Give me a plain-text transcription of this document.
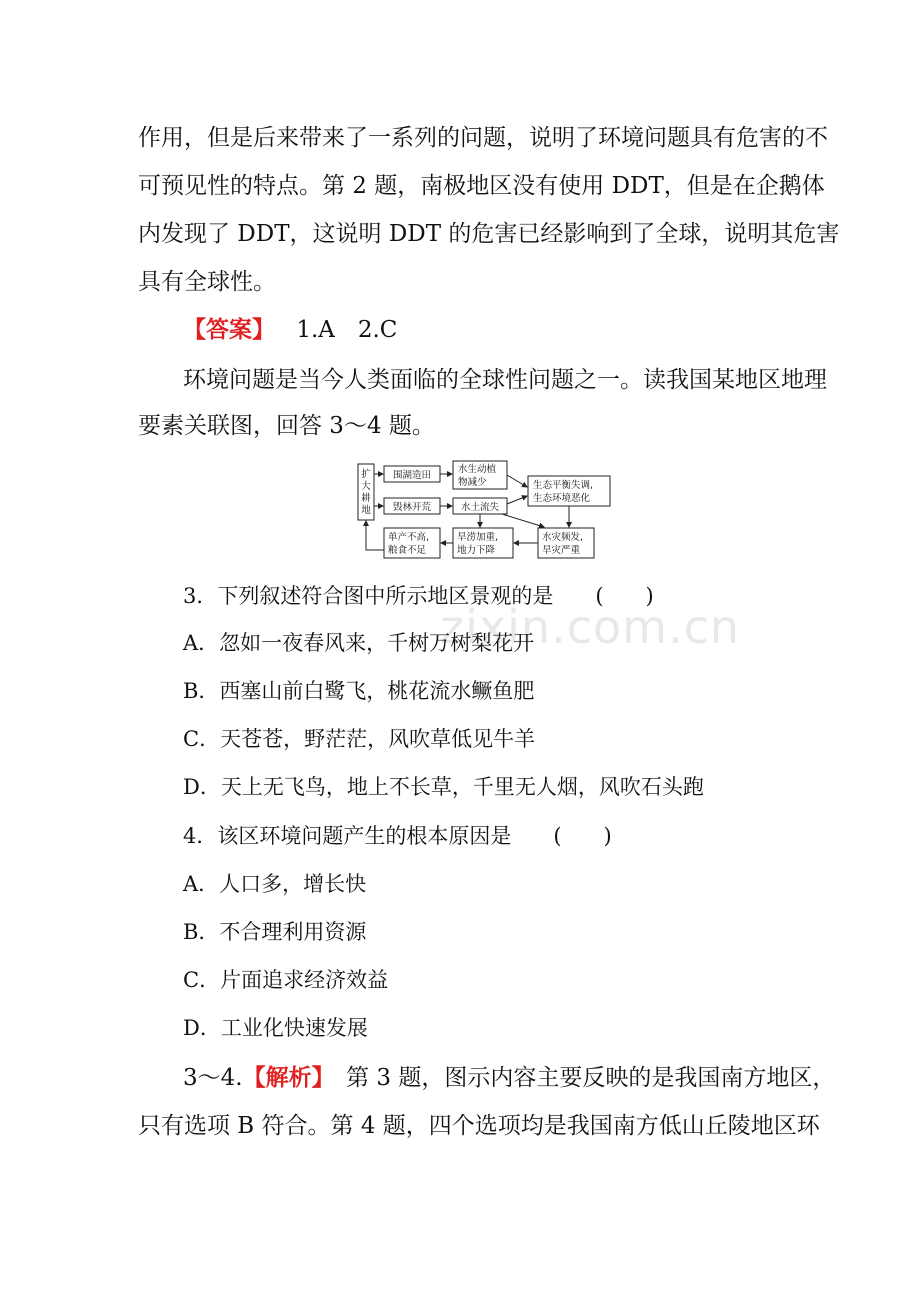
zixin.com.cn
作用，但是后来带来了一系列的问题，说明了环境问题具有危害的不
可预见性的特点。第 2 题，南极地区没有使用 DDT，但是在企鹅体
内发现了 DDT，这说明 DDT 的危害已经影响到了全球，说明其危害
具有全球性。
【答案】 1.A　2.C
环境问题是当今人类面临的全球性问题之一。读我国某地区地理
要素关联图，回答 3～4 题。
扩
大
耕
地
围湖造田
水生动植
物减少
毁林开荒	水土流失
生态平衡失调,
生态环境恶化
单产不高,
粮食不足
旱涝加重,
地力下降
水灾频发,
旱灾严重
3．下列叙述符合图中所示地区景观的是　　(　　)
A．忽如一夜春风来，千树万树梨花开
B．西塞山前白鹭飞，桃花流水鳜鱼肥
C．天苍苍，野茫茫，风吹草低见牛羊
D．天上无飞鸟，地上不长草，千里无人烟，风吹石头跑
4．该区环境问题产生的根本原因是　　(　　)
A．人口多，增长快
B．不合理利用资源
C．片面追求经济效益
D．工业化快速发展
3～4.【解析】　第 3 题，图示内容主要反映的是我国南方地区，
只有选项 B 符合。第 4 题，四个选项均是我国南方低山丘陵地区环
